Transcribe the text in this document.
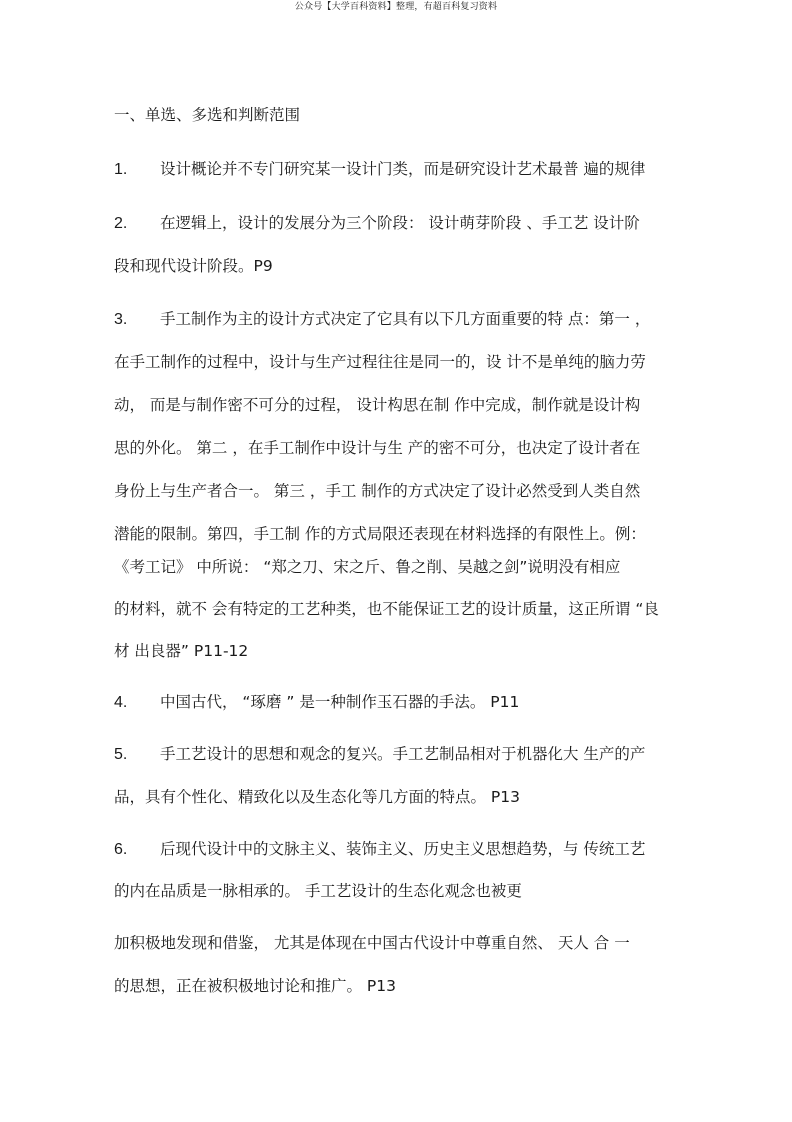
公众号【大学百科资料】整理，有超百科复习资料
一、单选、多选和判断范围
1. 设计概论并不专门研究某一设计门类，而是研究设计艺术最普 遍的规律
2. 在逻辑上，设计的发展分为三个阶段： 设计萌芽阶段 、手工艺 设计阶
段和现代设计阶段。P9
3. 手工制作为主的设计方式决定了它具有以下几方面重要的特 点：第一 ，
在手工制作的过程中，设计与生产过程往往是同一的，设 计不是单纯的脑力劳
动， 而是与制作密不可分的过程， 设计构思在制 作中完成，制作就是设计构
思的外化。 第二 ，在手工制作中设计与生 产的密不可分，也决定了设计者在
身份上与生产者合一。 第三 ，手工 制作的方式决定了设计必然受到人类自然
潜能的限制。第四，手工制 作的方式局限还表现在材料选择的有限性上。例：
《考工记》 中所说： “郑之刀、宋之斤、鲁之削、吴越之剑”说明没有相应
的材料，就不 会有特定的工艺种类，也不能保证工艺的设计质量，这正所谓 “良
材 出良器” P11-12
4. 中国古代， “琢磨 ” 是一种制作玉石器的手法。 P11
5. 手工艺设计的思想和观念的复兴。手工艺制品相对于机器化大 生产的产
品，具有个性化、精致化以及生态化等几方面的特点。 P13
6. 后现代设计中的文脉主义、装饰主义、历史主义思想趋势，与 传统工艺
的内在品质是一脉相承的。 手工艺设计的生态化观念也被更
加积极地发现和借鉴， 尤其是体现在中国古代设计中尊重自然、 天人 合 一
的思想，正在被积极地讨论和推广。 P13
